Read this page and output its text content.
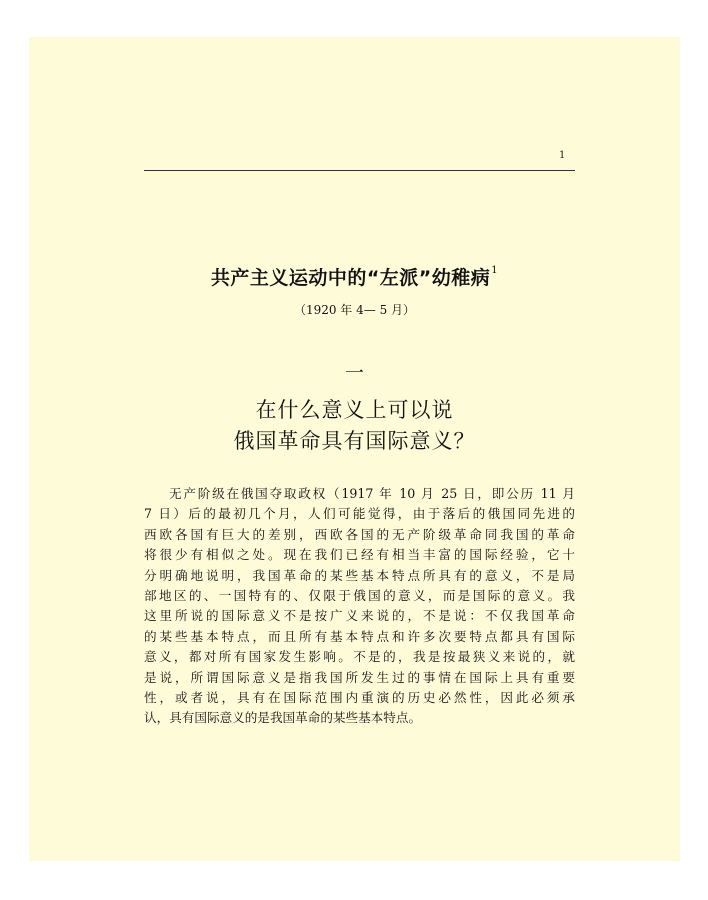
1
共产主义运动中的“左派”幼稚病$^1$
（1920 年 4— 5 月）
一
在什么意义上可以说
俄国革命具有国际意义？
无产阶级在俄国夺取政权（1917 年 10 月 25 日，即公历 11 月
7 日）后的最初几个月，人们可能觉得，由于落后的俄国同先进的
西欧各国有巨大的差别，西欧各国的无产阶级革命同我国的革命
将很少有相似之处。现在我们已经有相当丰富的国际经验，它十
分明确地说明，我国革命的某些基本特点所具有的意义，不是局
部地区的、一国特有的、仅限于俄国的意义，而是国际的意义。我
这里所说的国际意义不是按广义来说的，不是说：不仅我国革命
的某些基本特点，而且所有基本特点和许多次要特点都具有国际
意义，都对所有国家发生影响。不是的，我是按最狭义来说的，就
是说，所谓国际意义是指我国所发生过的事情在国际上具有重要
性，或者说，具有在国际范围内重演的历史必然性，因此必须承
认，具有国际意义的是我国革命的某些基本特点。
